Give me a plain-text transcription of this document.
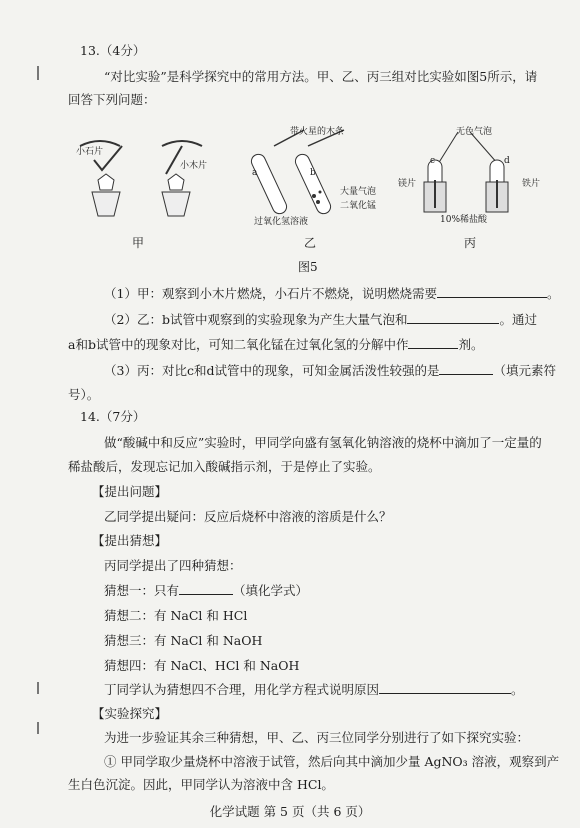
13.（4分）
“对比实验”是科学探究中的常用方法。甲、乙、丙三组对比实验如图5所示，请
回答下列问题：
小石片
小木片
甲
带火星的木条
a	b
大量气泡
二氧化锰
过氧化氢溶液
乙
无色气泡
c	d
镁片	铁片
10%稀盐酸
丙
图5
（1）甲：观察到小木片燃烧，小石片不燃烧，说明燃烧需要	。
（2）乙：b试管中观察到的实验现象为产生大量气泡和	。通过
a和b试管中的现象对比，可知二氧化锰在过氧化氢的分解中作	剂。
（3）丙：对比c和d试管中的现象，可知金属活泼性较强的是	（填元素符
号）。
14.（7分）
做“酸碱中和反应”实验时，甲同学向盛有氢氧化钠溶液的烧杯中滴加了一定量的
稀盐酸后，发现忘记加入酸碱指示剂，于是停止了实验。
【提出问题】
乙同学提出疑问：反应后烧杯中溶液的溶质是什么？
【提出猜想】
丙同学提出了四种猜想：
猜想一：只有	（填化学式）
猜想二：有 NaCl 和 HCl
猜想三：有 NaCl 和 NaOH
猜想四：有 NaCl、HCl 和 NaOH
丁同学认为猜想四不合理，用化学方程式说明原因	。
【实验探究】
为进一步验证其余三种猜想，甲、乙、丙三位同学分别进行了如下探究实验：
① 甲同学取少量烧杯中溶液于试管，然后向其中滴加少量 AgNO₃ 溶液，观察到产
生白色沉淀。因此，甲同学认为溶液中含 HCl。
化学试题 第 5 页（共 6 页）
